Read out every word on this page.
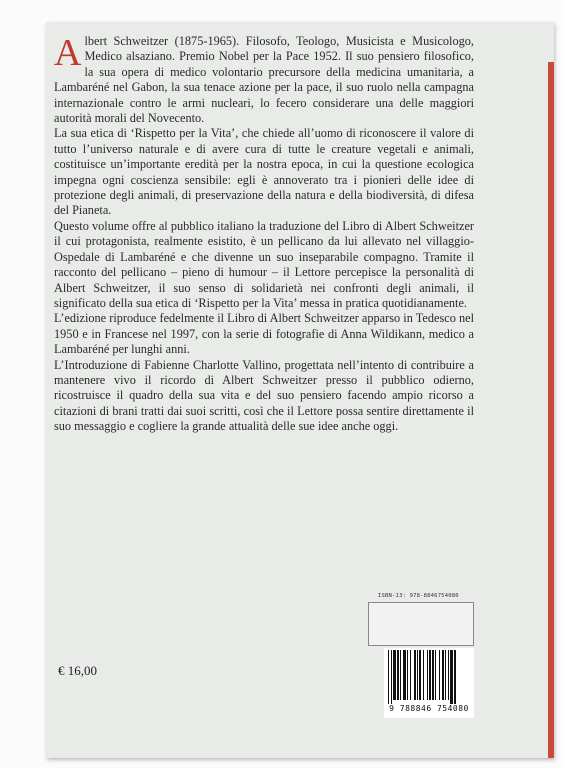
Albert Schweitzer (1875-1965). Filosofo, Teologo, Musicista e Musicologo, Medico alsaziano. Premio Nobel per la Pace 1952. Il suo pensiero filosofico, la sua opera di medico volontario precursore della medicina umanitaria, a Lambaréné nel Gabon, la sua tenace azione per la pace, il suo ruolo nella campagna internazionale contro le armi nucleari, lo fecero considerare una delle maggiori autorità morali del Novecento.

La sua etica di ‘Rispetto per la Vita’, che chiede all’uomo di riconoscere il valore di tutto l’universo naturale e di avere cura di tutte le creature vegetali e animali, costituisce un’importante eredità per la nostra epoca, in cui la questione ecologica impegna ogni coscienza sensibile: egli è annoverato tra i pionieri delle idee di protezione degli animali, di preservazione della natura e della biodiversità, di difesa del Pianeta.

Questo volume offre al pubblico italiano la traduzione del Libro di Albert Schweitzer il cui protagonista, realmente esistito, è un pellicano da lui allevato nel villaggio-Ospedale di Lambaréné e che divenne un suo inseparabile compagno. Tramite il racconto del pellicano – pieno di humour – il Lettore percepisce la personalità di Albert Schweitzer, il suo senso di solidarietà nei confronti degli animali, il significato della sua etica di ‘Rispetto per la Vita’ messa in pratica quotidianamente.

L’edizione riproduce fedelmente il Libro di Albert Schweitzer apparso in Tedesco nel 1950 e in Francese nel 1997, con la serie di fotografie di Anna Wildikann, medico a Lambaréné per lunghi anni.

L’Introduzione di Fabienne Charlotte Vallino, progettata nell’intento di contribuire a mantenere vivo il ricordo di Albert Schweitzer presso il pubblico odierno, ricostruisce il quadro della sua vita e del suo pensiero facendo ampio ricorso a citazioni di brani tratti dai suoi scritti, così che il Lettore possa sentire direttamente il suo messaggio e cogliere la grande attualità delle sue idee anche oggi.

€ 16,00
ISBN-13: 978-8846754080
9 788846 754080
